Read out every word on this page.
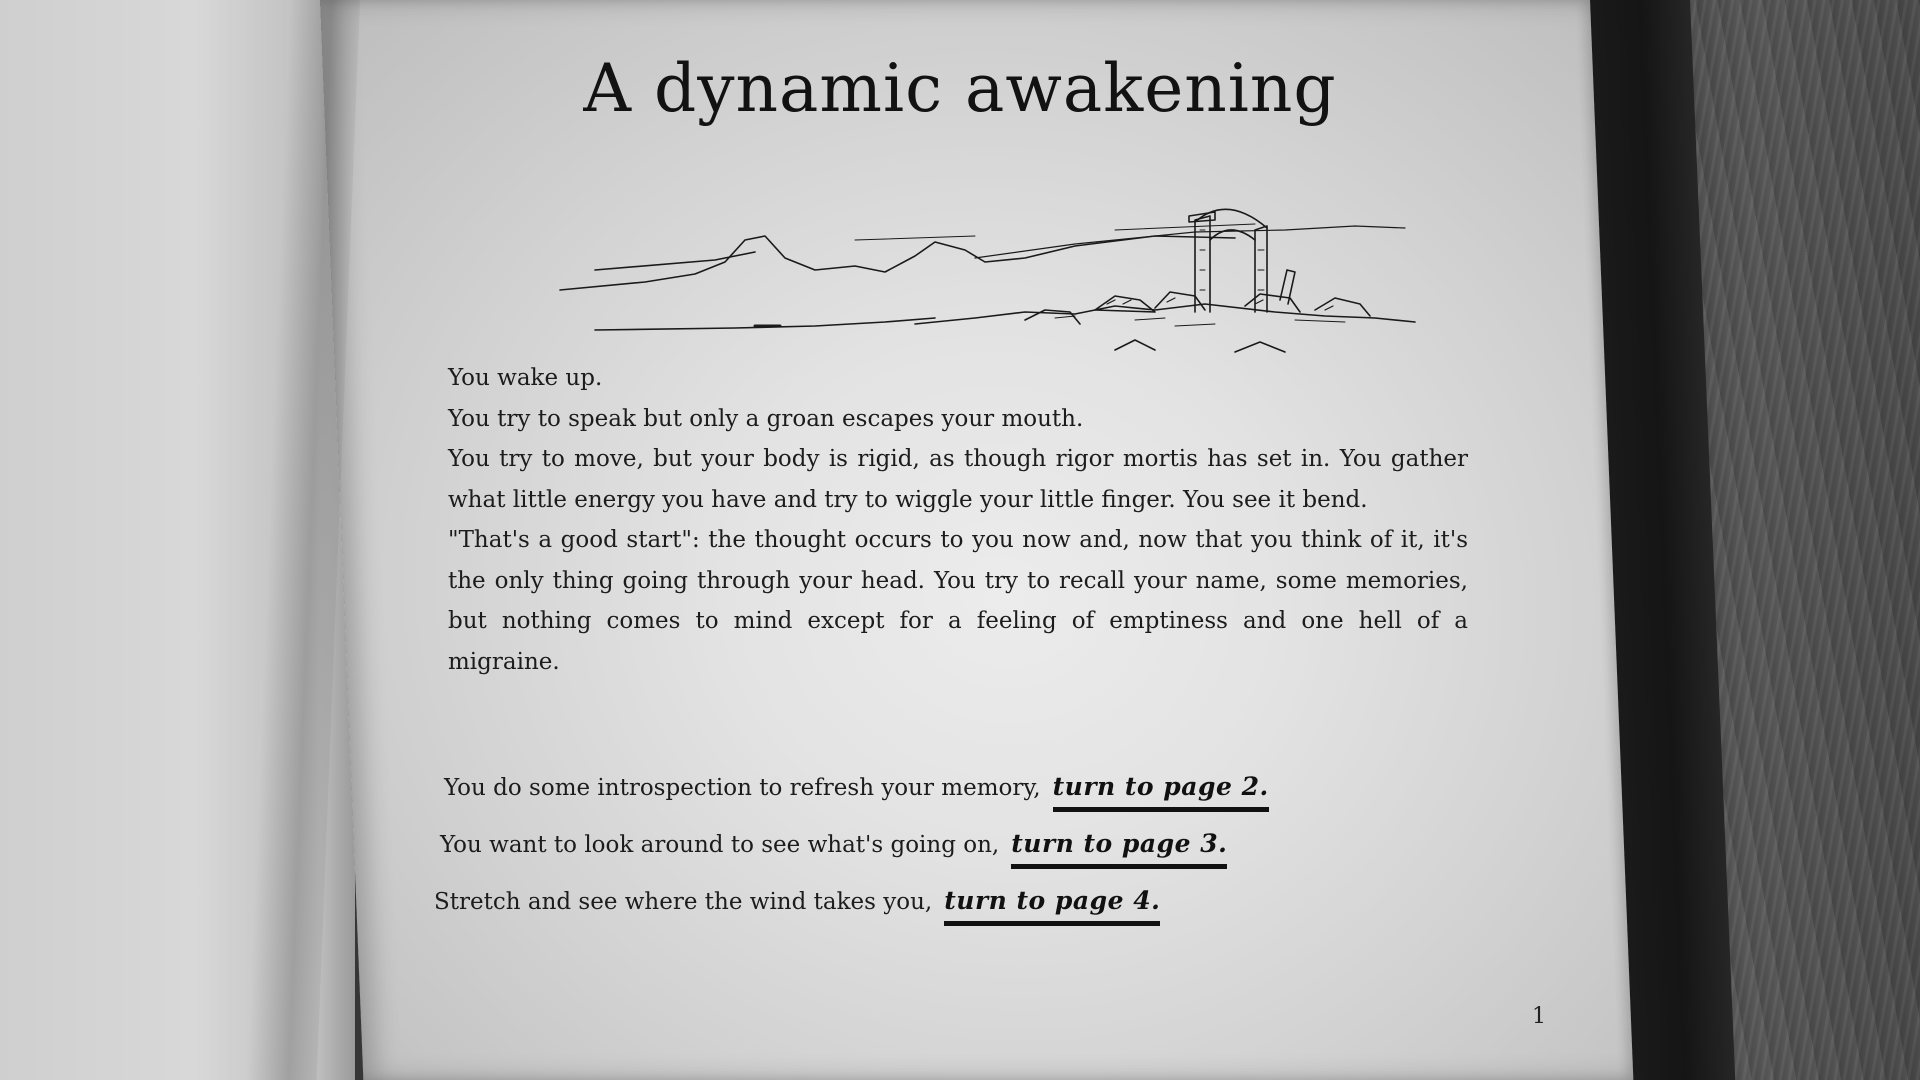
A dynamic awakening

You wake up.

You try to speak but only a groan escapes your mouth.

You try to move, but your body is rigid, as though rigor mortis has set in. You gather what little energy you have and try to wiggle your little finger. You see it bend.

"That's a good start": the thought occurs to you now and, now that you think of it, it's the only thing going through your head. You try to recall your name, some memories, but nothing comes to mind except for a feeling of emptiness and one hell of a migraine.

You do some introspection to refresh your memory, turn to page 2.
You want to look around to see what's going on, turn to page 3.
Stretch and see where the wind takes you, turn to page 4.
1
